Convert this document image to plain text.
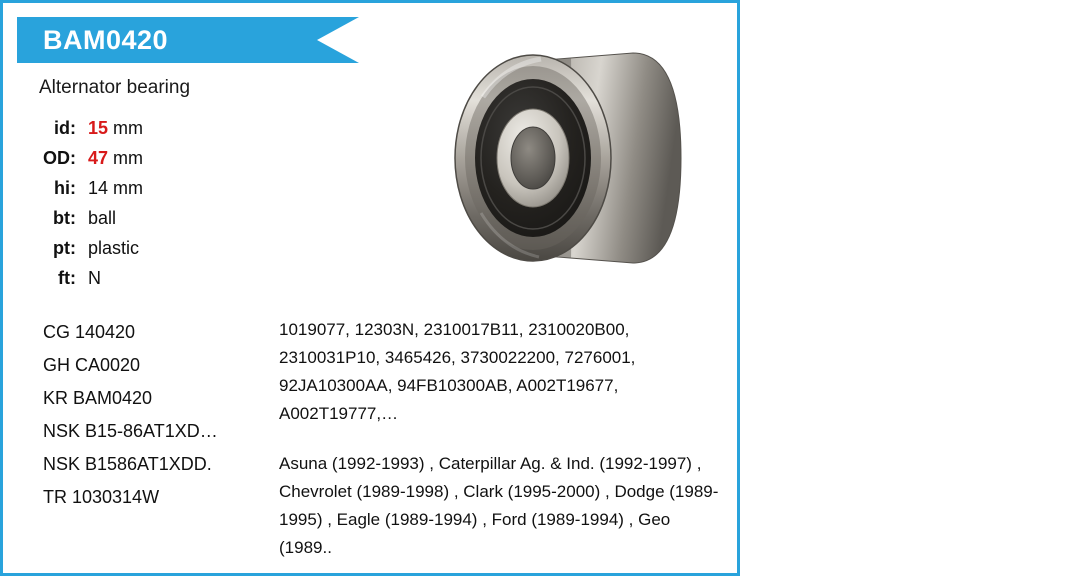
BAM0420
Alternator bearing
id:	15 mm
OD:	47 mm
hi:	14 mm
bt:	ball
pt:	plastic
ft:	N
CG 140420
GH CA0020
KR BAM0420
NSK B15-86AT1XD…
NSK B1586AT1XDD.
TR 1030314W
1019077, 12303N, 2310017B11, 2310020B00, 2310031P10, 3465426, 3730022200, 7276001, 92JA10300AA, 94FB10300AB, A002T19677, A002T19777,…
Asuna (1992-1993) , Caterpillar Ag. & Ind. (1992-1997) , Chevrolet (1989-1998) , Clark (1995-2000) , Dodge (1989-1995) , Eagle (1989-1994) , Ford (1989-1994) , Geo (1989..
VOLTAG
WWW.VOLTAG.RU
